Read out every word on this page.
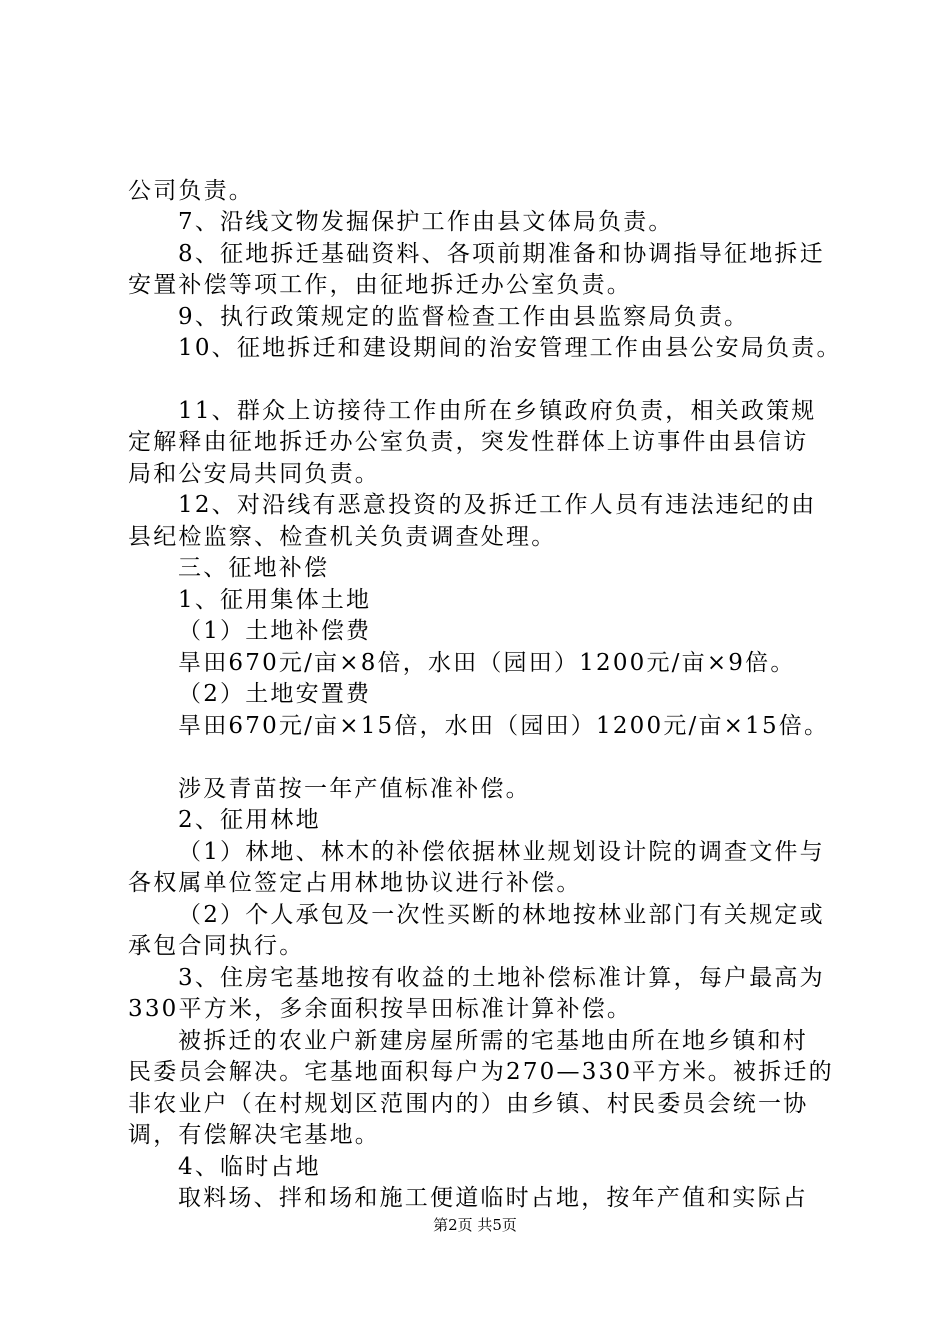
公司负责。
7、沿线文物发掘保护工作由县文体局负责。
8、征地拆迁基础资料、各项前期准备和协调指导征地拆迁
安置补偿等项工作，由征地拆迁办公室负责。
9、执行政策规定的监督检查工作由县监察局负责。
10、征地拆迁和建设期间的治安管理工作由县公安局负责。
11、群众上访接待工作由所在乡镇政府负责，相关政策规
定解释由征地拆迁办公室负责，突发性群体上访事件由县信访
局和公安局共同负责。
12、对沿线有恶意投资的及拆迁工作人员有违法违纪的由
县纪检监察、检查机关负责调查处理。
三、征地补偿
1、征用集体土地
（1）土地补偿费
旱田670元/亩×8倍，水田（园田）1200元/亩×9倍。
（2）土地安置费
旱田670元/亩×15倍，水田（园田）1200元/亩×15倍。
涉及青苗按一年产值标准补偿。
2、征用林地
（1）林地、林木的补偿依据林业规划设计院的调查文件与
各权属单位签定占用林地协议进行补偿。
（2）个人承包及一次性买断的林地按林业部门有关规定或
承包合同执行。
3、住房宅基地按有收益的土地补偿标准计算，每户最高为
330平方米，多余面积按旱田标准计算补偿。
被拆迁的农业户新建房屋所需的宅基地由所在地乡镇和村
民委员会解决。宅基地面积每户为270—330平方米。被拆迁的
非农业户（在村规划区范围内的）由乡镇、村民委员会统一协
调，有偿解决宅基地。
4、临时占地
取料场、拌和场和施工便道临时占地，按年产值和实际占
第2页 共5页
